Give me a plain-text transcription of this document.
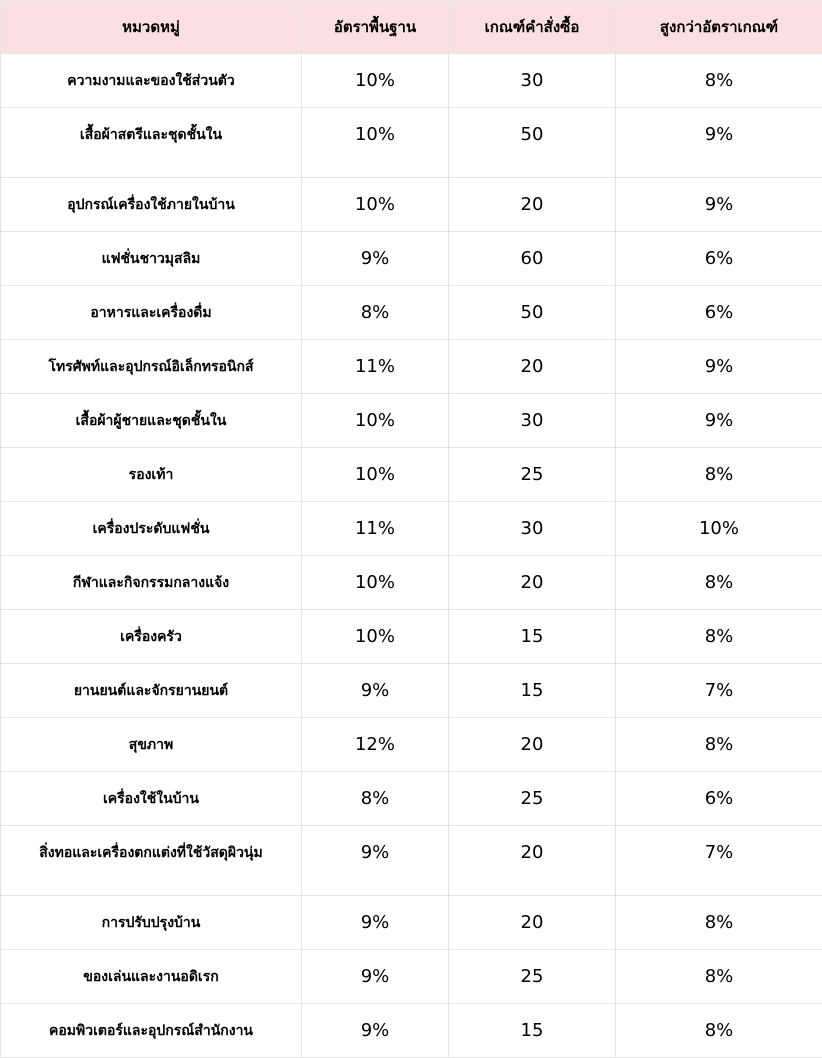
หมวดหมู่	อัตราพื้นฐาน	เกณฑ์คำสั่งซื้อ	สูงกว่าอัตราเกณฑ์
ความงามและของใช้ส่วนตัว	10%	30	8%
เสื้อผ้าสตรีและชุดชั้นใน	10%	50	9%
อุปกรณ์เครื่องใช้ภายในบ้าน	10%	20	9%
แฟชั่นชาวมุสลิม	9%	60	6%
อาหารและเครื่องดื่ม	8%	50	6%
โทรศัพท์และอุปกรณ์อิเล็กทรอนิกส์	11%	20	9%
เสื้อผ้าผู้ชายและชุดชั้นใน	10%	30	9%
รองเท้า	10%	25	8%
เครื่องประดับแฟชั่น	11%	30	10%
กีฬาและกิจกรรมกลางแจ้ง	10%	20	8%
เครื่องครัว	10%	15	8%
ยานยนต์และจักรยานยนต์	9%	15	7%
สุขภาพ	12%	20	8%
เครื่องใช้ในบ้าน	8%	25	6%
สิ่งทอและเครื่องตกแต่งที่ใช้วัสดุผิวนุ่ม	9%	20	7%
การปรับปรุงบ้าน	9%	20	8%
ของเล่นและงานอดิเรก	9%	25	8%
คอมพิวเตอร์และอุปกรณ์สำนักงาน	9%	15	8%
